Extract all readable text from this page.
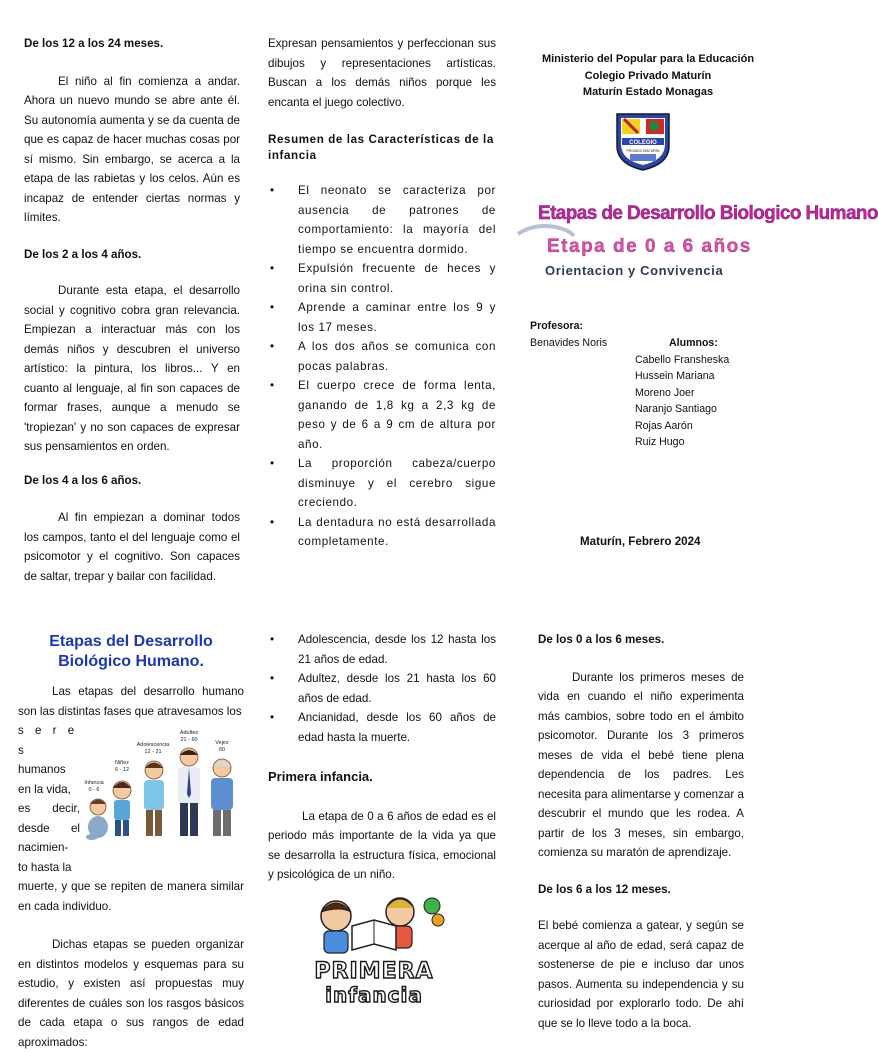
De los 12 a los 24 meses.

El niño al fin comienza a andar. Ahora un nuevo mundo se abre ante él. Su autonomía aumenta y se da cuenta de que es capaz de hacer muchas cosas por sí mismo. Sin embargo, se acerca a la etapa de las rabietas y los celos. Aún es incapaz de entender ciertas normas y límites.

De los 2 a los 4 años.

Durante esta etapa, el desarrollo social y cognitivo cobra gran relevancia. Empiezan a interactuar más con los demás niños y descubren el universo artístico: la pintura, los libros... Y en cuanto al lenguaje, al fin son capaces de formar frases, aunque a menudo se 'tropiezan' y no son capaces de expresar sus pensamientos en orden.

De los 4 a los 6 años.

Al fin empiezan a dominar todos los campos, tanto el del lenguaje como el psicomotor y el cognitivo. Son capaces de saltar, trepar y bailar con facilidad.

Expresan pensamientos y perfeccionan sus dibujos y representaciones artísticas. Buscan a los demás niños porque les encanta el juego colectivo.

Resumen de las Características de la infancia

• El neonato se caracteriza por ausencia de patrones de comportamiento: la mayoría del tiempo se encuentra dormido.
• Expulsión frecuente de heces y orina sin control.
• Aprende a caminar entre los 9 y los 17 meses.
• A los dos años se comunica con pocas palabras.
• El cuerpo crece de forma lenta, ganando de 1,8 kg a 2,3 kg de peso y de 6 a 9 cm de altura por año.
• La proporción cabeza/cuerpo disminuye y el cerebro sigue creciendo.
• La dentadura no está desarrollada completamente.

Ministerio del Popular para la Educación

Colegio Privado Maturín

Maturín Estado Monagas

COLEGIO
PRIVADO MATURÍN
Etapas de Desarrollo Biologico Humano
Etapa de 0 a 6 años
Orientacion y Convivencia

Profesora:

Benavides Noris	Alumnos:

Cabello Fransheska

Hussein Mariana

Moreno Joer

Naranjo Santiago

Rojas Aarón

Ruiz Hugo

Maturín, Febrero 2024

Etapas del Desarrollo Biológico Humano.

Las etapas del desarrollo humano son las distintas fases que atravesamos los

s e r e s

humanos

en la vida,

es decir,

desde el

nacimien-

to hasta la

muerte, y que se repiten de manera similar en cada individuo.

Dichas etapas se pueden organizar en distintos modelos y esquemas para su estudio, y existen así propuestas muy diferentes de cuáles son los rasgos básicos de cada etapa o sus rangos de edad aproximados:

Infancia
0 - 6
Niñez
6 - 12
Adolescencia
12 - 21
Adultez
21 - 60	Vejez
60
• Adolescencia, desde los 12 hasta los 21 años de edad.
• Adultez, desde los 21 hasta los 60 años de edad.
• Ancianidad, desde los 60 años de edad hasta la muerte.

Primera infancia.

La etapa de 0 a 6 años de edad es el periodo más importante de la vida ya que se desarrolla la estructura física, emocional y psicológica de un niño.

PRIMERA
infancia

De los 0 a los 6 meses.

Durante los primeros meses de vida en cuando el niño experimenta más cambios, sobre todo en el ámbito psicomotor. Durante los 3 primeros meses de vida el bebé tiene plena dependencia de los padres. Les necesita para alimentarse y comenzar a descubrir el mundo que les rodea. A partir de los 3 meses, sin embargo, comienza su maratón de aprendizaje.

De los 6 a los 12 meses.

El bebé comienza a gatear, y según se acerque al año de edad, será capaz de sostenerse de pie e incluso dar unos pasos. Aumenta su independencia y su curiosidad por explorarlo todo. De ahí que se lo lleve todo a la boca.
